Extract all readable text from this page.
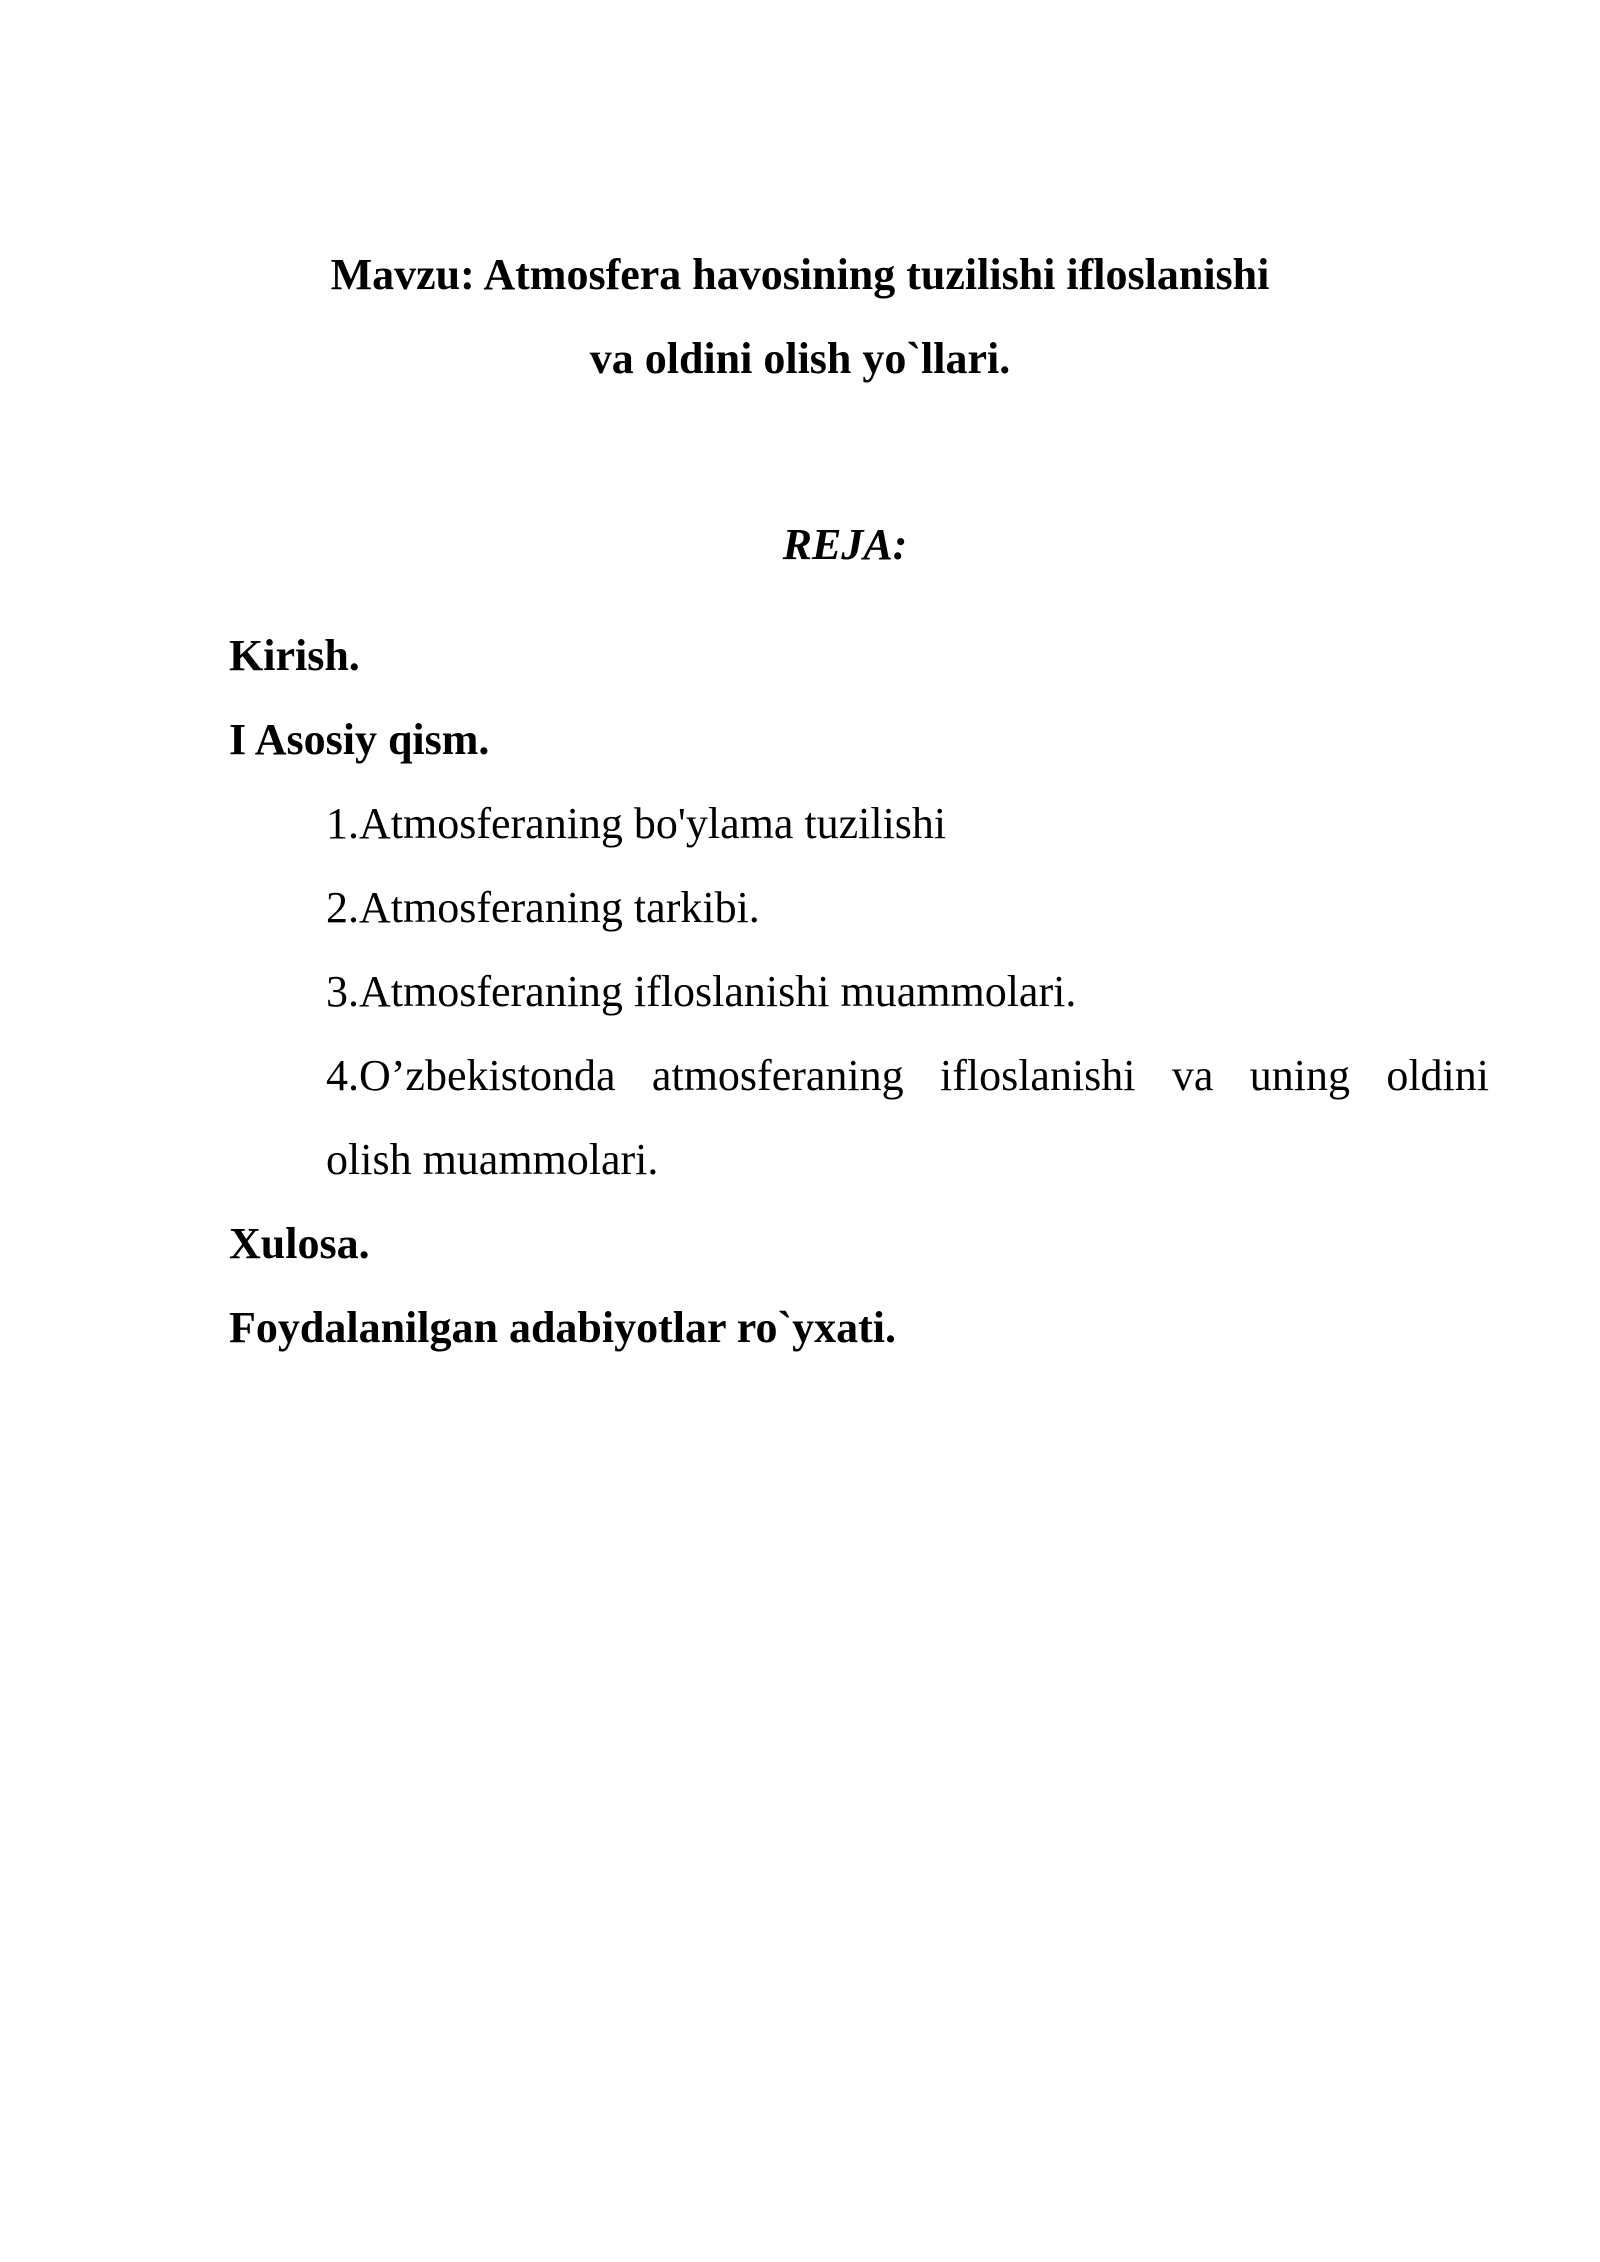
Mavzu: Atmosfera havosining tuzilishi ifloslanishi
va oldini olish yo`llari.
REJA:
Kirish.
I Asosiy qism.
1.Atmosferaning bo'ylama tuzilishi
2.Atmosferaning tarkibi.
3.Atmosferaning ifloslanishi muammolari.
4.O’zbekistonda atmosferaning ifloslanishi va uning oldini
olish muammolari.
Xulosa.
Foydalanilgan adabiyotlar ro`yxati.
